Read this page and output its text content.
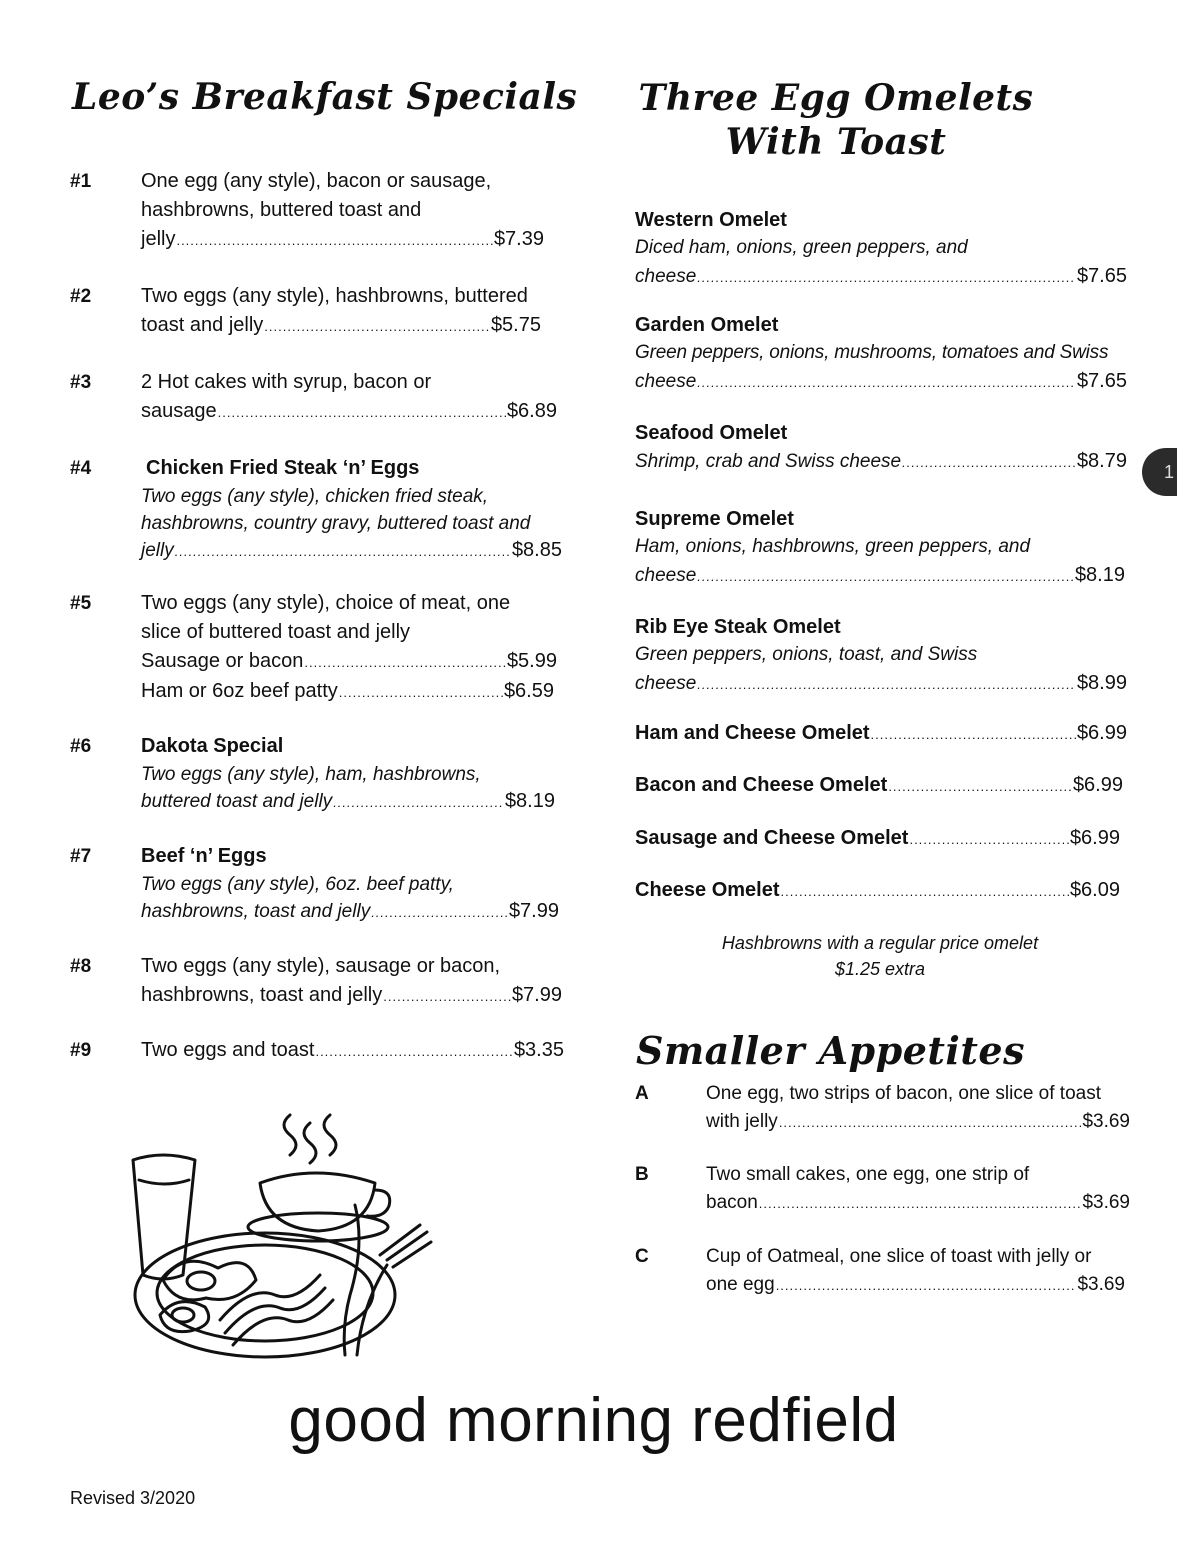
Leo’s Breakfast Specials Three Egg Omelets
With Toast
#1 One egg (any style), bacon or sausage,
hashbrowns, buttered toast and
jelly .....	$7.39
#2 Two eggs (any style), hashbrowns, buttered
toast and jelly .....	$5.75
#3 2 Hot cakes with syrup, bacon or
sausage .....	$6.89
#4	Chicken Fried Steak ‘n’ Eggs
Two eggs (any style), chicken fried steak,
hashbrowns, country gravy, buttered toast and
jelly .....	$8.85
#5 Two eggs (any style), choice of meat, one
slice of buttered toast and jelly
Sausage or bacon .....	$5.99
Ham or 6oz beef patty .....	$6.59
#6 Dakota Special
Two eggs (any style), ham, hashbrowns,
buttered toast and jelly .....	$8.19
#7 Beef ‘n’ Eggs
Two eggs (any style), 6oz. beef patty,
hashbrowns, toast and jelly .....	$7.99
#8 Two eggs (any style), sausage or bacon,
hashbrowns, toast and jelly .....	$7.99
#9 Two eggs and toast .....	$3.35
Western Omelet
Diced ham, onions, green peppers, and
cheese .....	$7.65
Garden Omelet
Green peppers, onions, mushrooms, tomatoes and Swiss
cheese .....	$7.65
Seafood Omelet
Shrimp, crab and Swiss cheese .....	$8.79
Supreme Omelet
Ham, onions, hashbrowns, green peppers, and
cheese .....	$8.19
Rib Eye Steak Omelet
Green peppers, onions, toast, and Swiss
cheese .....	$8.99
Ham and Cheese Omelet .....	$6.99
Bacon and Cheese Omelet .....	$6.99
Sausage and Cheese Omelet .....	$6.99
Cheese Omelet .....	$6.09
Hashbrowns with a regular price omelet
$1.25 extra
Smaller Appetites
A	One egg, two strips of bacon, one slice of toast
with jelly .....	$3.69
B	Two small cakes, one egg, one strip of
bacon .....	$3.69
C	Cup of Oatmeal, one slice of toast with jelly or
one egg .....	$3.69
good morning redfield
Revised 3/2020
1
